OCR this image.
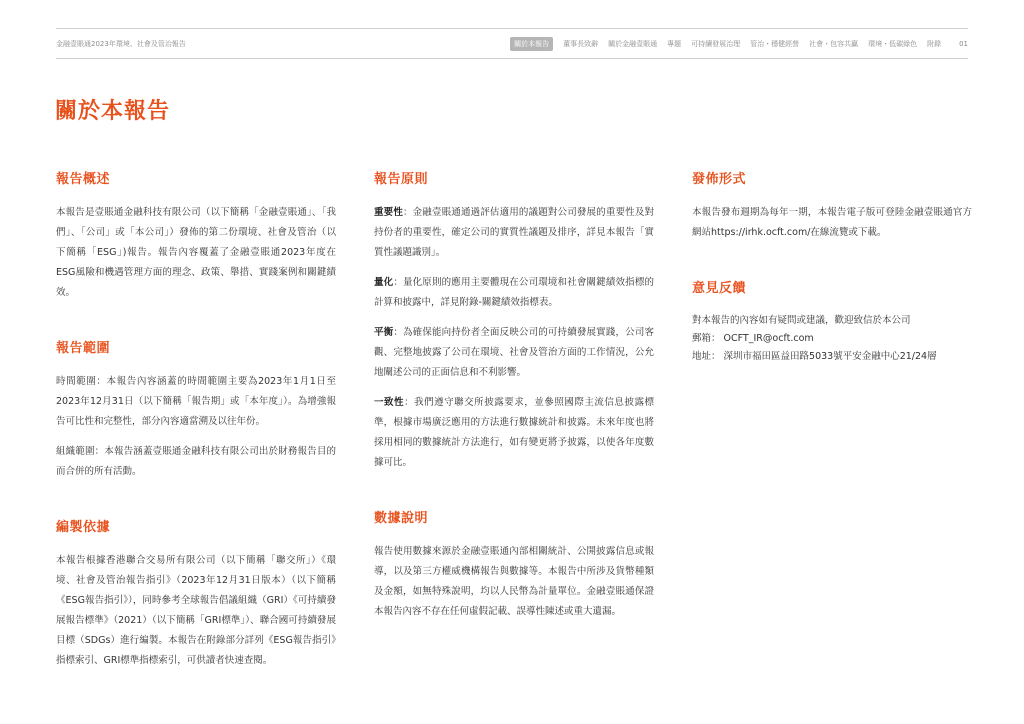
金融壹賬通2023年環境、社會及管治報告	關於本報告	董事長致辭 關於金融壹賬通 專題 可持續發展治理 管治・穩健經營 社會・包容共贏 環境・低碳綠色 附錄	01
關於本報告
報告概述

本報告是壹賬通金融科技有限公司（以下簡稱「金融壹賬通」、「我們」、「公司」或「本公司」）發佈的第二份環境、社會及管治（以下簡稱「ESG」)報告。報告內容覆蓋了金融壹賬通2023年度在ESG風險和機遇管理方面的理念、政策、舉措、實踐案例和關鍵績效。

報告範圍

時間範圍：本報告內容涵蓋的時間範圍主要為2023年1月1日至2023年12月31日（以下簡稱「報告期」或「本年度」）。為增強報告可比性和完整性，部分內容適當溯及以往年份。

組織範圍：本報告涵蓋壹賬通金融科技有限公司出於財務報告目的而合併的所有活動。

編製依據

本報告根據香港聯合交易所有限公司（以下簡稱「聯交所」）《環境、社會及管治報告指引》（2023年12月31日版本）（以下簡稱《ESG報告指引》），同時參考全球報告倡議組織（GRI）《可持續發展報告標準》（2021）（以下簡稱「GRI標準」）、聯合國可持續發展目標（SDGs）進行編製。本報告在附錄部分詳列《ESG報告指引》指標索引、GRI標準指標索引，可供讀者快速查閱。

報告原則

重要性：金融壹賬通通過評估適用的議題對公司發展的重要性及對持份者的重要性，確定公司的實質性議題及排序，詳見本報告「實質性議題識別」。

量化：量化原則的應用主要體現在公司環境和社會關鍵績效指標的計算和披露中，詳見附錄-關鍵績效指標表。

平衡：為確保能向持份者全面反映公司的可持續發展實踐，公司客觀、完整地披露了公司在環境、社會及管治方面的工作情況，公允地闡述公司的正面信息和不利影響。

一致性：我們遵守聯交所披露要求，並參照國際主流信息披露標準，根據市場廣泛應用的方法進行數據統計和披露。未來年度也將採用相同的數據統計方法進行，如有變更將予披露，以使各年度數據可比。

數據說明

報告使用數據來源於金融壹賬通內部相關統計、公開披露信息或報導，以及第三方權威機構報告與數據等。本報告中所涉及貨幣種類及金額，如無特殊說明，均以人民幣為計量單位。金融壹賬通保證本報告內容不存在任何虛假記載、誤導性陳述或重大遺漏。

發佈形式

本報告發布週期為每年一期，本報告電子版可登陸金融壹賬通官方網站https://irhk.ocft.com/在線流覽或下載。

意見反饋
對本報告的內容如有疑問或建議，歡迎致信於本公司
郵箱： OCFT_IR@ocft.com
地址： 深圳市福田區益田路5033號平安金融中心21/24層
